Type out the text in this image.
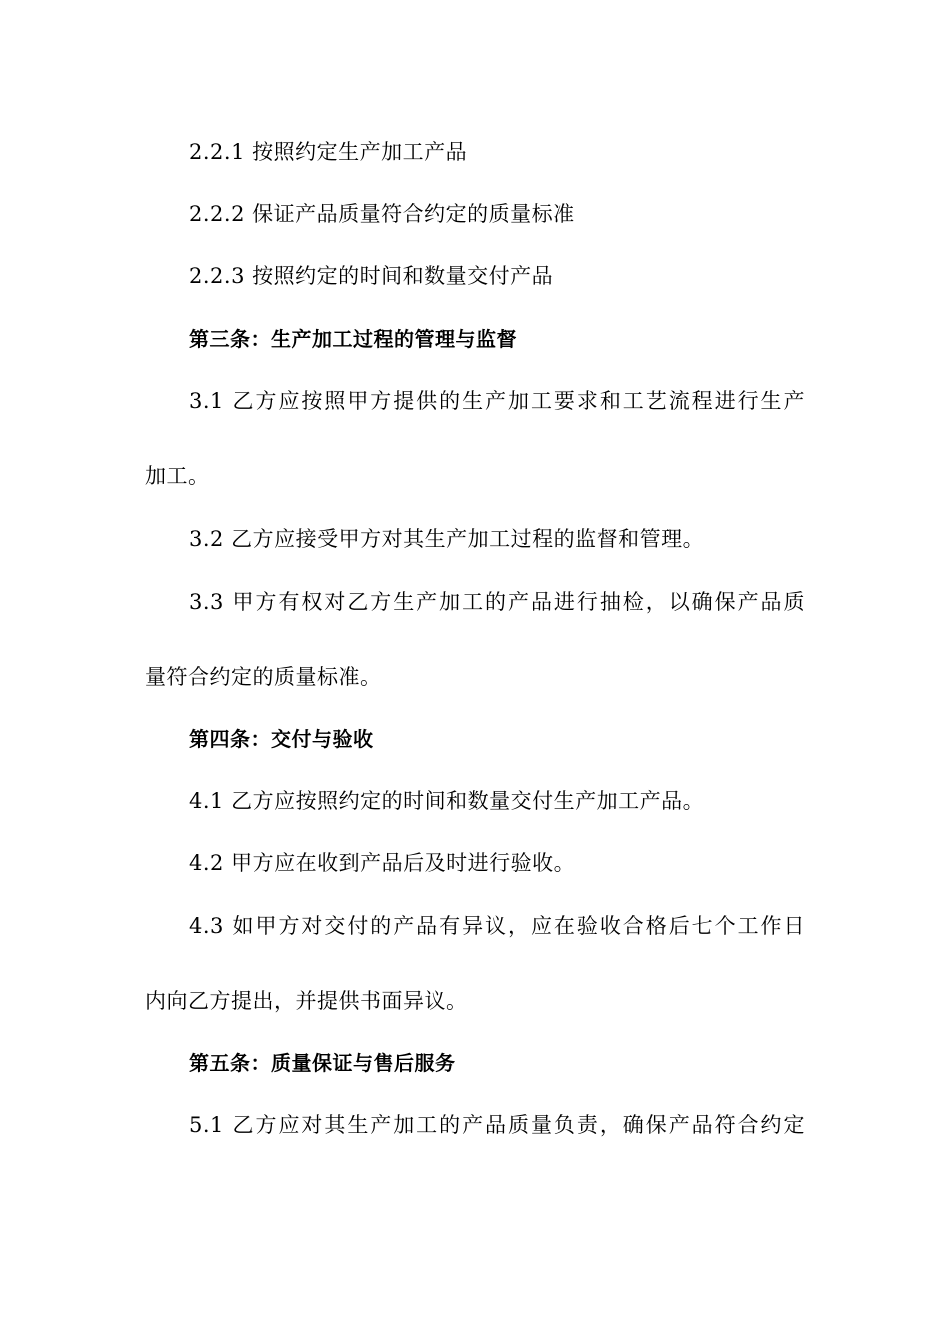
2.2.1 按照约定生产加工产品
2.2.2 保证产品质量符合约定的质量标准
2.2.3 按照约定的时间和数量交付产品
第三条：生产加工过程的管理与监督
3.1 乙方应按照甲方提供的生产加工要求和工艺流程进行生产
加工。
3.2 乙方应接受甲方对其生产加工过程的监督和管理。
3.3 甲方有权对乙方生产加工的产品进行抽检，以确保产品质
量符合约定的质量标准。
第四条：交付与验收
4.1 乙方应按照约定的时间和数量交付生产加工产品。
4.2 甲方应在收到产品后及时进行验收。
4.3 如甲方对交付的产品有异议，应在验收合格后七个工作日
内向乙方提出，并提供书面异议。
第五条：质量保证与售后服务
5.1 乙方应对其生产加工的产品质量负责，确保产品符合约定
